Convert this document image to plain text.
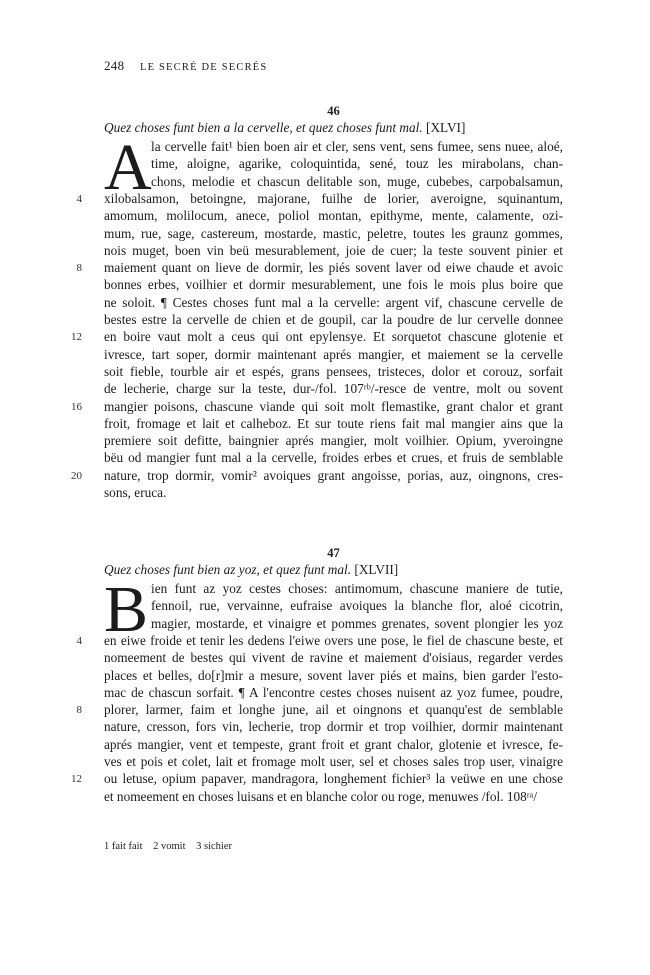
248 LE SECRÉ DE SECRÉS
46
Quez choses funt bien a la cervelle, et quez choses funt mal. [XLVI]
A la cervelle fait¹ bien boen air et cler, sens vent, sens fumee, sens nuee, aloé,
time, aloigne, agarike, coloquintida, sené, touz les mirabolans, chan-
chons, melodie et chascun delitable son, muge, cubebes, carpobalsamun,
xilobalsamon, betoingne, majorane, fuilhe de lorier, averoigne, squinantum,
amomum, molilocum, anece, poliol montan, epithyme, mente, calamente, ozi-
mum, rue, sage, castereum, mostarde, mastic, peletre, toutes les graunz gommes,
nois muget, boen vin beü mesurablement, joie de cuer; la teste souvent pinier et
maiement quant on lieve de dormir, les piés sovent laver od eiwe chaude et avoic
bonnes erbes, voilhier et dormir mesurablement, une fois le mois plus boire que
ne soloit. ¶ Cestes choses funt mal a la cervelle: argent vif, chascune cervelle de
bestes estre la cervelle de chien et de goupil, car la poudre de lur cervelle donnee
en boire vaut molt a ceus qui ont epylensye. Et sorquetot chascune glotenie et
ivresce, tart soper, dormir maintenant aprés mangier, et maiement se la cervelle
soit fieble, tourble air et espés, grans pensees, tristeces, dolor et corouz, sorfait
de lecherie, charge sur la teste, dur-/fol. 107ʳᵇ/-resce de ventre, molt ou sovent
mangier poisons, chascune viande qui soit molt flemastike, grant chalor et grant
froit, fromage et lait et calheboz. Et sur toute riens fait mal mangier ains que la
premiere soit defitte, baingnier aprés mangier, molt voilhier. Opium, yveroingne
bëu od mangier funt mal a la cervelle, froides erbes et crues, et fruis de semblable
nature, trop dormir, vomir² avoiques grant angoisse, porias, auz, oingnons, cres-
sons, eruca.
4
8
12
16
20
47
Quez choses funt bien az yoz, et quez funt mal. [XLVII]
B ien funt az yoz cestes choses: antimomum, chascune maniere de tutie,
fennoil, rue, vervainne, eufraise avoiques la blanche flor, aloé cicotrin,
magier, mostarde, et vinaigre et pommes grenates, sovent plongier les yoz
en eiwe froide et tenir les dedens l'eiwe overs une pose, le fiel de chascune beste, et
nomeement de bestes qui vivent de ravine et maiement d'oisiaus, regarder verdes
places et belles, do[r]mir a mesure, sovent laver piés et mains, bien garder l'esto-
mac de chascun sorfait. ¶ A l'encontre cestes choses nuisent az yoz fumee, poudre,
plorer, larmer, faim et longhe june, ail et oingnons et quanqu'est de semblable
nature, cresson, fors vin, lecherie, trop dormir et trop voilhier, dormir maintenant
aprés mangier, vent et tempeste, grant froit et grant chalor, glotenie et ivresce, fe-
ves et pois et colet, lait et fromage molt user, sel et choses sales trop user, vinaigre
ou letuse, opium papaver, mandragora, longhement fichier³ la veüwe en une chose
et nomeement en choses luisans et en blanche color ou roge, menuwes /fol. 108ʳᵃ/
4
8
12
1 fait fait 2 vomit 3 sichier
